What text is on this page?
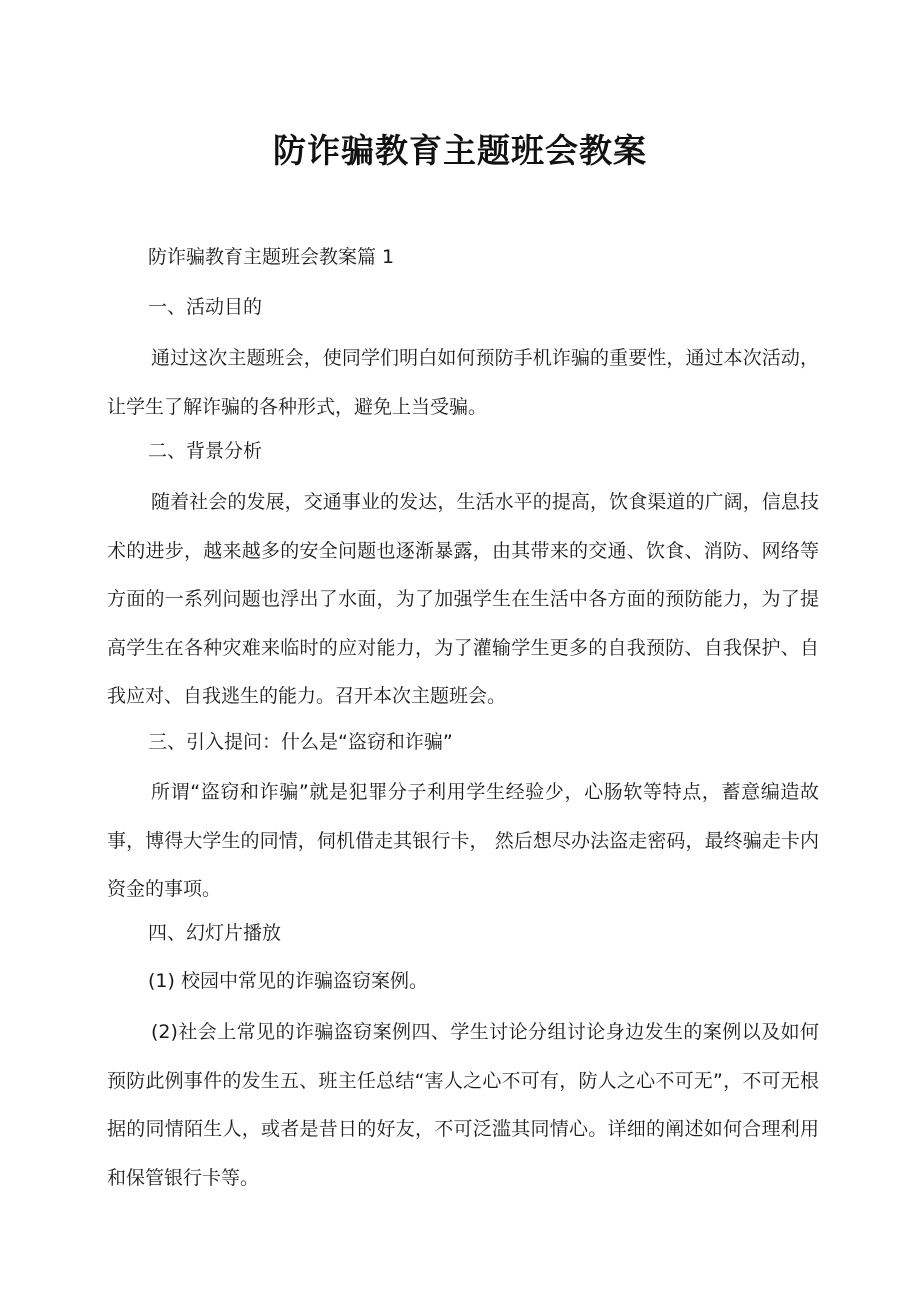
防诈骗教育主题班会教案
防诈骗教育主题班会教案篇 1
一、活动目的
通过这次主题班会，使同学们明白如何预防手机诈骗的重要性，通过本次活动，让学生了解诈骗的各种形式，避免上当受骗。
二、背景分析
随着社会的发展，交通事业的发达，生活水平的提高，饮食渠道的广阔，信息技术的进步，越来越多的安全问题也逐渐暴露，由其带来的交通、饮食、消防、网络等方面的一系列问题也浮出了水面，为了加强学生在生活中各方面的预防能力，为了提高学生在各种灾难来临时的应对能力，为了灌输学生更多的自我预防、自我保护、自我应对、自我逃生的能力。召开本次主题班会。
三、引入提问：什么是“盗窃和诈骗”
所谓“盗窃和诈骗”就是犯罪分子利用学生经验少，心肠软等特点，蓄意编造故事，博得大学生的同情，伺机借走其银行卡， 然后想尽办法盗走密码，最终骗走卡内资金的事项。
四、幻灯片播放
(1) 校园中常见的诈骗盗窃案例。
(2)社会上常见的诈骗盗窃案例四、学生讨论分组讨论身边发生的案例以及如何预防此例事件的发生五、班主任总结“害人之心不可有，防人之心不可无”，不可无根据的同情陌生人，或者是昔日的好友，不可泛滥其同情心。详细的阐述如何合理利用和保管银行卡等。
